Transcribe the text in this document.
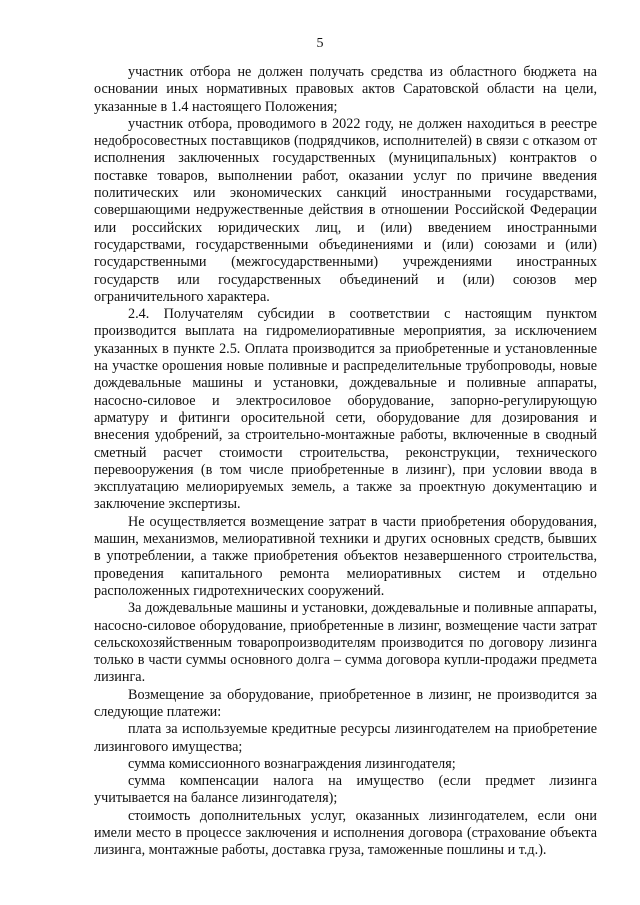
5

участник отбора не должен получать средства из областного бюджета на основании иных нормативных правовых актов Саратовской области на цели, указанные в 1.4 настоящего Положения;

участник отбора, проводимого в 2022 году, не должен находиться в реестре недобросовестных поставщиков (подрядчиков, исполнителей) в связи с отказом от исполнения заключенных государственных (муниципальных) контрактов о поставке товаров, выполнении работ, оказании услуг по причине введения политических или экономических санкций иностранными государствами, совершающими недружественные действия в отношении Российской Федерации или российских юридических лиц, и (или) введением иностранными государствами, государственными объединениями и (или) союзами и (или) государственными (межгосударственными) учреждениями иностранных государств или государственных объединений и (или) союзов мер ограничительного характера.

2.4. Получателям субсидии в соответствии с настоящим пунктом производится выплата на гидромелиоративные мероприятия, за исключением указанных в пункте 2.5. Оплата производится за приобретенные и установленные на участке орошения новые поливные и распределительные трубопроводы, новые дождевальные машины и установки, дождевальные и поливные аппараты, насосно-силовое и электросиловое оборудование, запорно-регулирующую арматуру и фитинги оросительной сети, оборудование для дозирования и внесения удобрений, за строительно-монтажные работы, включенные в сводный сметный расчет стоимости строительства, реконструкции, технического перевооружения (в том числе приобретенные в лизинг), при условии ввода в эксплуатацию мелиорируемых земель, а также за проектную документацию и заключение экспертизы.

Не осуществляется возмещение затрат в части приобретения оборудования, машин, механизмов, мелиоративной техники и других основных средств, бывших в употреблении, а также приобретения объектов незавершенного строительства, проведения капитального ремонта мелиоративных систем и отдельно расположенных гидротехнических сооружений.

За дождевальные машины и установки, дождевальные и поливные аппараты, насосно-силовое оборудование, приобретенные в лизинг, возмещение части затрат сельскохозяйственным товаропроизводителям производится по договору лизинга только в части суммы основного долга – сумма договора купли-продажи предмета лизинга.

Возмещение за оборудование, приобретенное в лизинг, не производится за следующие платежи:

плата за используемые кредитные ресурсы лизингодателем на приобретение лизингового имущества;

сумма комиссионного вознаграждения лизингодателя;

сумма компенсации налога на имущество (если предмет лизинга учитывается на балансе лизингодателя);

стоимость дополнительных услуг, оказанных лизингодателем, если они имели место в процессе заключения и исполнения договора (страхование объекта лизинга, монтажные работы, доставка груза, таможенные пошлины и т.д.).
